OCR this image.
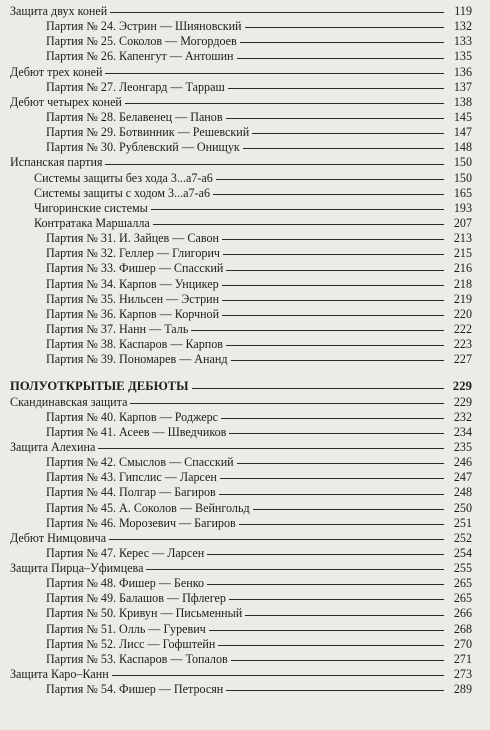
Защита двух коней	119
Партия № 24. Эстрин — Шияновский	132
Партия № 25. Соколов — Могордоев	133
Партия № 26. Капенгут — Антошин	135
Дебют трех коней	136
Партия № 27. Леонгард — Тарраш	137
Дебют четырех коней	138
Партия № 28. Белавенец — Панов	145
Партия № 29. Ботвинник — Решевский	147
Партия № 30. Рублевский — Онищук	148
Испанская партия	150
Системы защиты без хода 3...а7-а6	150
Системы защиты с ходом 3...а7-а6	165
Чигоринские системы	193
Контратака Маршалла	207
Партия № 31. И. Зайцев — Савон	213
Партия № 32. Геллер — Глигорич	215
Партия № 33. Фишер — Спасский	216
Партия № 34. Карпов — Унцикер	218
Партия № 35. Нильсен — Эстрин	219
Партия № 36. Карпов — Корчной	220
Партия № 37. Нанн — Таль	222
Партия № 38. Каспаров — Карпов	223
Партия № 39. Пономарев — Ананд	227
ПОЛУОТКРЫТЫЕ ДЕБЮТЫ	229
Скандинавская защита	229
Партия № 40. Карпов — Роджерс	232
Партия № 41. Асеев — Шведчиков	234
Защита Алехина	235
Партия № 42. Смыслов — Спасский	246
Партия № 43. Гипслис — Ларсен	247
Партия № 44. Полгар — Багиров	248
Партия № 45. А. Соколов — Вейнгольд	250
Партия № 46. Морозевич — Багиров	251
Дебют Нимцовича	252
Партия № 47. Керес — Ларсен	254
Защита Пирца–Уфимцева	255
Партия № 48. Фишер — Бенко	265
Партия № 49. Балашов — Пфлегер	265
Партия № 50. Кривун — Письменный	266
Партия № 51. Олль — Гуревич	268
Партия № 52. Лисс — Гофштейн	270
Партия № 53. Каспаров — Топалов	271
Защита Каро–Канн	273
Партия № 54. Фишер — Петросян	289
